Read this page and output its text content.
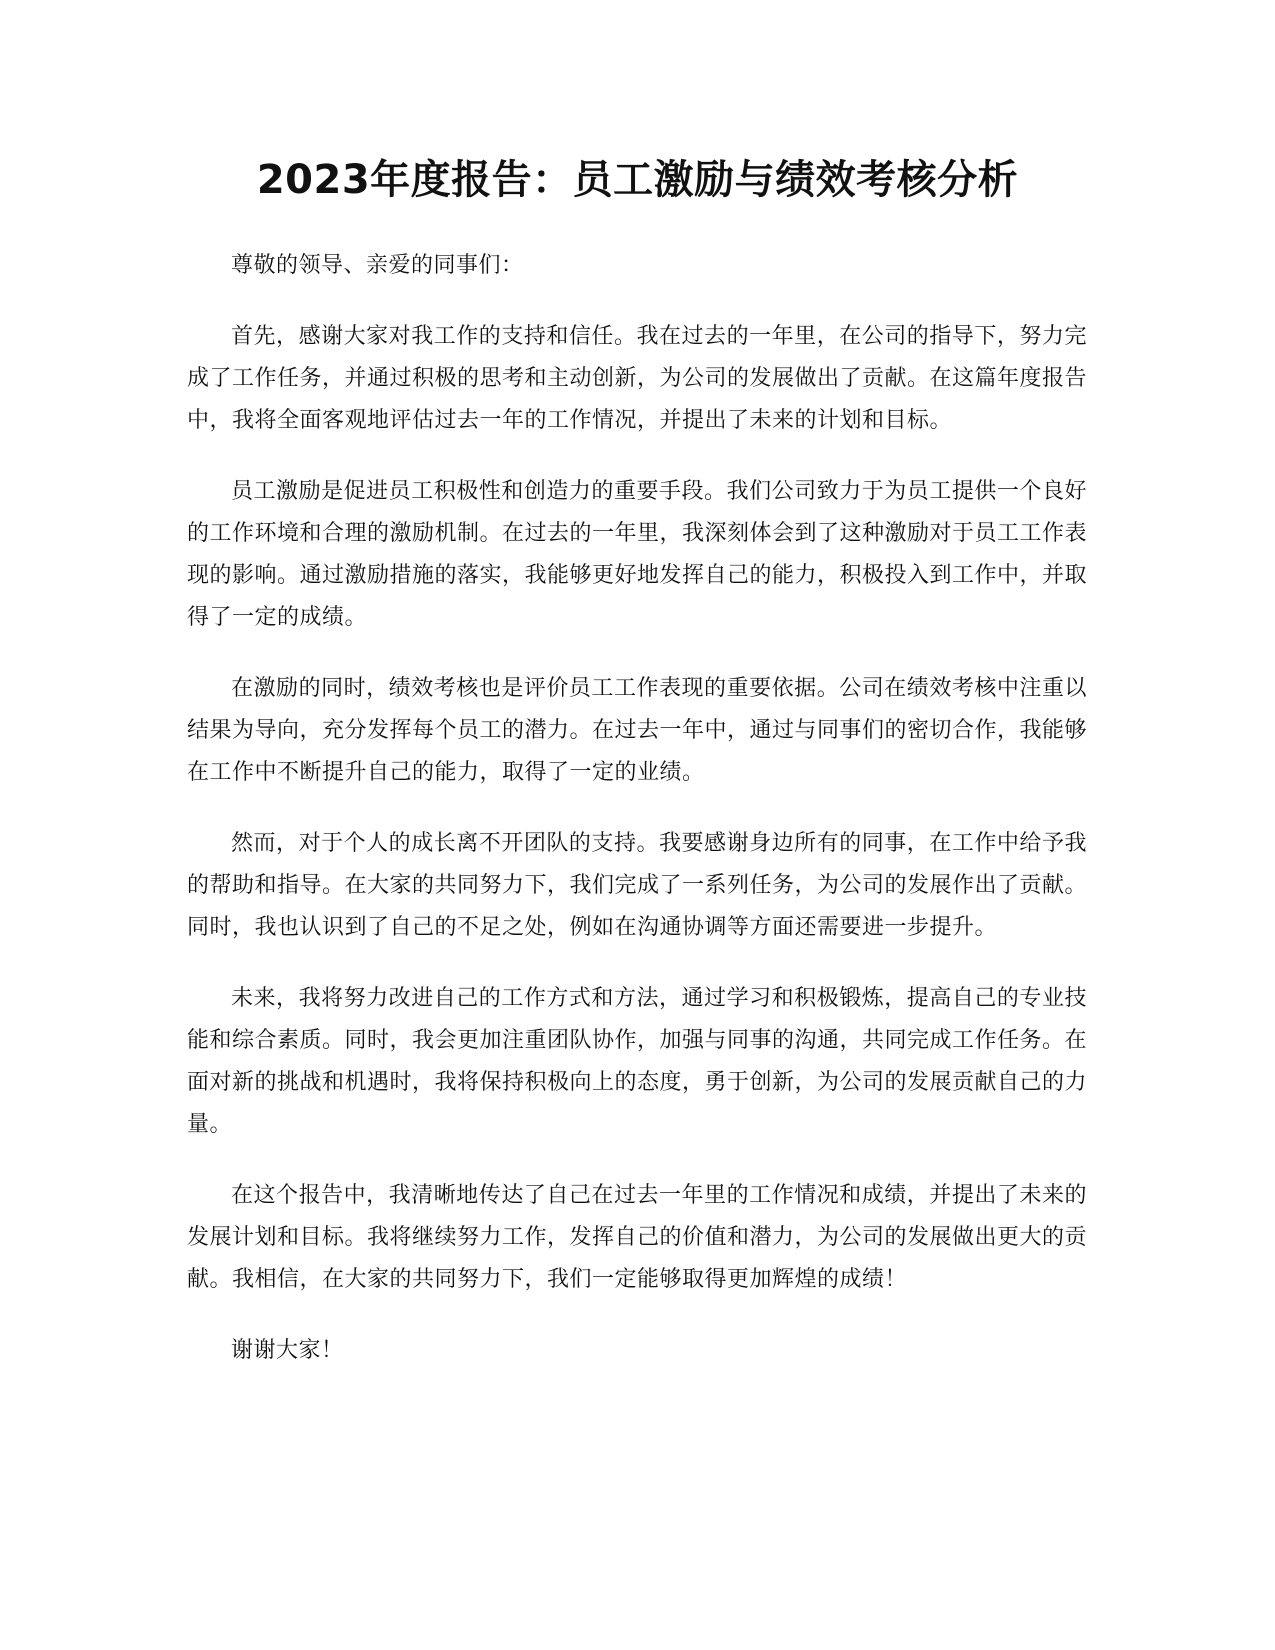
2023年度报告：员工激励与绩效考核分析

尊敬的领导、亲爱的同事们：

首先，感谢大家对我工作的支持和信任。我在过去的一年里，在公司的指导下，努力完成了工作任务，并通过积极的思考和主动创新，为公司的发展做出了贡献。在这篇年度报告中，我将全面客观地评估过去一年的工作情况，并提出了未来的计划和目标。

员工激励是促进员工积极性和创造力的重要手段。我们公司致力于为员工提供一个良好的工作环境和合理的激励机制。在过去的一年里，我深刻体会到了这种激励对于员工工作表现的影响。通过激励措施的落实，我能够更好地发挥自己的能力，积极投入到工作中，并取得了一定的成绩。

在激励的同时，绩效考核也是评价员工工作表现的重要依据。公司在绩效考核中注重以结果为导向，充分发挥每个员工的潜力。在过去一年中，通过与同事们的密切合作，我能够在工作中不断提升自己的能力，取得了一定的业绩。

然而，对于个人的成长离不开团队的支持。我要感谢身边所有的同事，在工作中给予我的帮助和指导。在大家的共同努力下，我们完成了一系列任务，为公司的发展作出了贡献。同时，我也认识到了自己的不足之处，例如在沟通协调等方面还需要进一步提升。

未来，我将努力改进自己的工作方式和方法，通过学习和积极锻炼，提高自己的专业技能和综合素质。同时，我会更加注重团队协作，加强与同事的沟通，共同完成工作任务。在面对新的挑战和机遇时，我将保持积极向上的态度，勇于创新，为公司的发展贡献自己的力量。

在这个报告中，我清晰地传达了自己在过去一年里的工作情况和成绩，并提出了未来的发展计划和目标。我将继续努力工作，发挥自己的价值和潜力，为公司的发展做出更大的贡献。我相信，在大家的共同努力下，我们一定能够取得更加辉煌的成绩！

谢谢大家！
